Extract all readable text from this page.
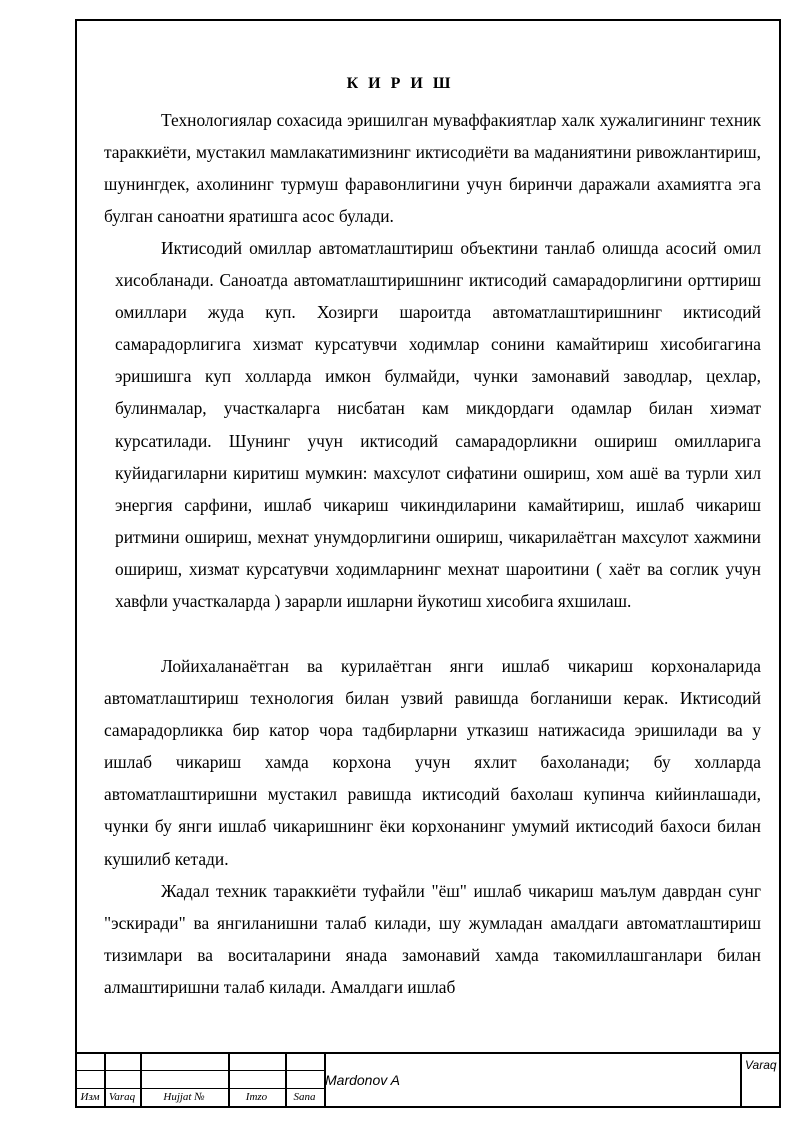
К И Р И Ш

Технологиялар сохасида эришилган муваффакиятлар халк хужалигининг техник тараккиёти, мустакил мамлакатимизнинг иктисодиёти ва маданиятини ривожлантириш, шунингдек, ахолининг турмуш фаравонлигини учун биринчи даражали ахамиятга эга булган саноатни яратишга асос булади.

Иктисодий омиллар автоматлаштириш объектини танлаб олишда асосий омил хисобланади. Саноатда автоматлаштиришнинг иктисодий самарадорлигини орттириш омиллари жуда куп. Хозирги шароитда автоматлаштиришнинг иктисодий самарадорлигига хизмат курсатувчи ходимлар сонини камайтириш хисобигагина эришишга куп холларда имкон булмайди, чунки замонавий заводлар, цехлар, булинмалар, участкаларга нисбатан кам микдордаги одамлар билан хиэмат курсатилади. Шунинг учун иктисодий самарадорликни ошириш омилларига куйидагиларни киритиш мумкин: махсулот сифатини ошириш, хом ашё ва турли хил энергия сарфини, ишлаб чикариш чикиндиларини камайтириш, ишлаб чикариш ритмини ошириш, мехнат унумдорлигини ошириш, чикарилаётган махсулот хажмини ошириш, хизмат курсатувчи ходимларнинг мехнат шароитини ( хаёт ва соглик учун хавфли участкаларда ) зарарли ишларни йукотиш хисобига яхшилаш.

Лойихаланаётган ва курилаётган янги ишлаб чикариш корхоналарида автоматлаштириш технология билан узвий равишда богланиши керак. Иктисодий самарадорликка бир катор чора тадбирларни утказиш натижасида эришилади ва у ишлаб чикариш хамда корхона учун яхлит бахоланади; бу холларда автоматлаштиришни мустакил равишда иктисодий бахолаш купинча кийинлашади, чунки бу янги ишлаб чикаришнинг ёки корхонанинг умумий иктисодий бахоси билан кушилиб кетади.

Жадал техник тараккиёти туфайли "ёш" ишлаб чикариш маълум даврдан сунг "эскиради" ва янгиланишни талаб килади, шу жумладан амалдаги автоматлаштириш тизимлари ва воситаларини янада замонавий хамда такомиллашганлари билан алмаштиришни талаб килади. Амалдаги ишлаб

Изм Varaq	Hujjat №	Imzo	Sana
Mardonov A
Varaq
